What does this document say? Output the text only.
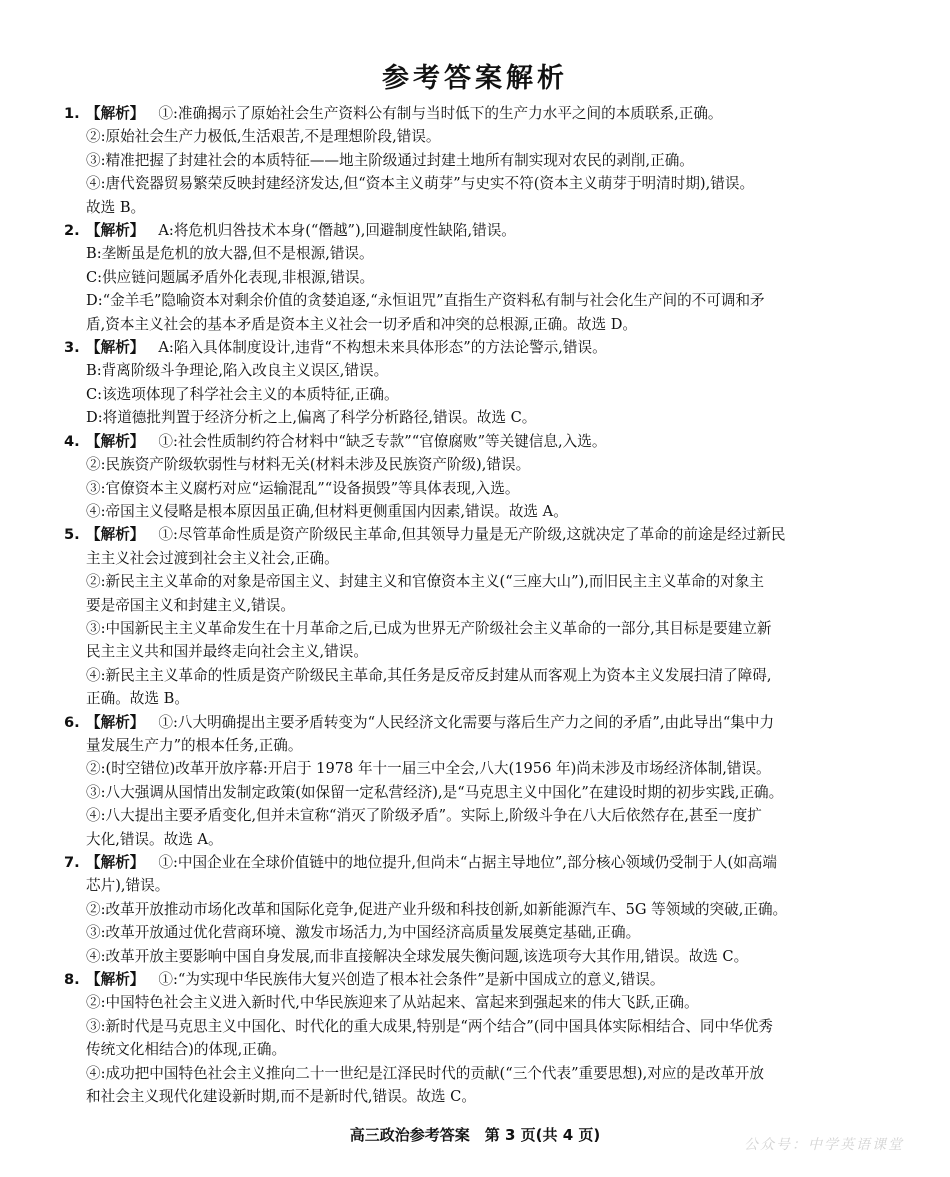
参考答案解析
1. 【解析】 ①:准确揭示了原始社会生产资料公有制与当时低下的生产力水平之间的本质联系,正确。
②:原始社会生产力极低,生活艰苦,不是理想阶段,错误。
③:精准把握了封建社会的本质特征——地主阶级通过封建土地所有制实现对农民的剥削,正确。
④:唐代瓷器贸易繁荣反映封建经济发达,但“资本主义萌芽”与史实不符(资本主义萌芽于明清时期),错误。
故选 B。
2. 【解析】 A:将危机归咎技术本身(“僭越”),回避制度性缺陷,错误。
B:垄断虽是危机的放大器,但不是根源,错误。
C:供应链问题属矛盾外化表现,非根源,错误。
D:“金羊毛”隐喻资本对剩余价值的贪婪追逐,“永恒诅咒”直指生产资料私有制与社会化生产间的不可调和矛
盾,资本主义社会的基本矛盾是资本主义社会一切矛盾和冲突的总根源,正确。故选 D。
3. 【解析】 A:陷入具体制度设计,违背“不构想未来具体形态”的方法论警示,错误。
B:背离阶级斗争理论,陷入改良主义误区,错误。
C:该选项体现了科学社会主义的本质特征,正确。
D:将道德批判置于经济分析之上,偏离了科学分析路径,错误。故选 C。
4. 【解析】 ①:社会性质制约符合材料中“缺乏专款”“官僚腐败”等关键信息,入选。
②:民族资产阶级软弱性与材料无关(材料未涉及民族资产阶级),错误。
③:官僚资本主义腐朽对应“运输混乱”“设备损毁”等具体表现,入选。
④:帝国主义侵略是根本原因虽正确,但材料更侧重国内因素,错误。故选 A。
5. 【解析】 ①:尽管革命性质是资产阶级民主革命,但其领导力量是无产阶级,这就决定了革命的前途是经过新民
主主义社会过渡到社会主义社会,正确。
②:新民主主义革命的对象是帝国主义、封建主义和官僚资本主义(“三座大山”),而旧民主主义革命的对象主
要是帝国主义和封建主义,错误。
③:中国新民主主义革命发生在十月革命之后,已成为世界无产阶级社会主义革命的一部分,其目标是要建立新
民主主义共和国并最终走向社会主义,错误。
④:新民主主义革命的性质是资产阶级民主革命,其任务是反帝反封建从而客观上为资本主义发展扫清了障碍,
正确。故选 B。
6. 【解析】 ①:八大明确提出主要矛盾转变为“人民经济文化需要与落后生产力之间的矛盾”,由此导出“集中力
量发展生产力”的根本任务,正确。
②:(时空错位)改革开放序幕:开启于 1978 年十一届三中全会,八大(1956 年)尚未涉及市场经济体制,错误。
③:八大强调从国情出发制定政策(如保留一定私营经济),是“马克思主义中国化”在建设时期的初步实践,正确。
④:八大提出主要矛盾变化,但并未宣称“消灭了阶级矛盾”。实际上,阶级斗争在八大后依然存在,甚至一度扩
大化,错误。故选 A。
7. 【解析】 ①:中国企业在全球价值链中的地位提升,但尚未“占据主导地位”,部分核心领域仍受制于人(如高端
芯片),错误。
②:改革开放推动市场化改革和国际化竞争,促进产业升级和科技创新,如新能源汽车、5G 等领域的突破,正确。
③:改革开放通过优化营商环境、激发市场活力,为中国经济高质量发展奠定基础,正确。
④:改革开放主要影响中国自身发展,而非直接解决全球发展失衡问题,该选项夸大其作用,错误。故选 C。
8. 【解析】 ①:“为实现中华民族伟大复兴创造了根本社会条件”是新中国成立的意义,错误。
②:中国特色社会主义进入新时代,中华民族迎来了从站起来、富起来到强起来的伟大飞跃,正确。
③:新时代是马克思主义中国化、时代化的重大成果,特别是“两个结合”(同中国具体实际相结合、同中华优秀
传统文化相结合)的体现,正确。
④:成功把中国特色社会主义推向二十一世纪是江泽民时代的贡献(“三个代表”重要思想),对应的是改革开放
和社会主义现代化建设新时期,而不是新时代,错误。故选 C。
高三政治参考答案　第 3 页(共 4 页)
公众号：中学英语课堂
